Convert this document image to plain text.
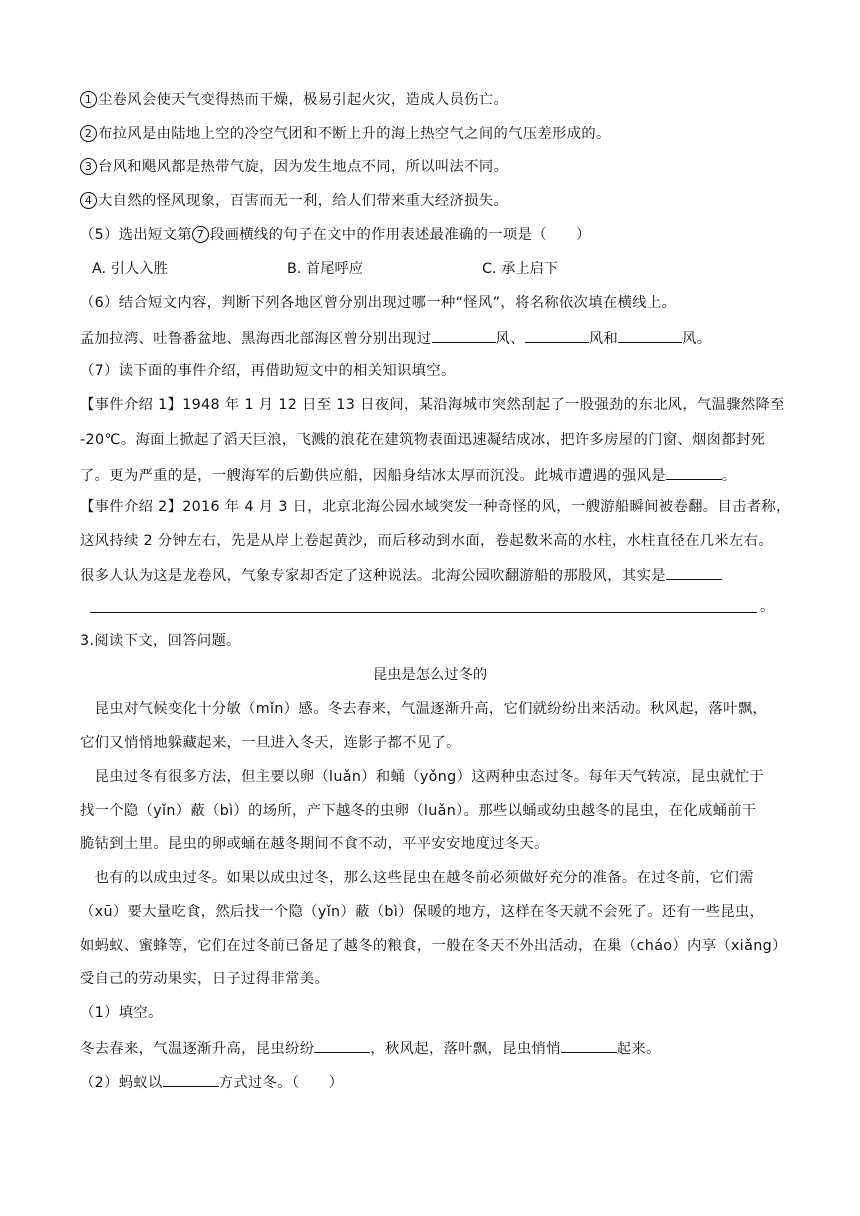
1 尘卷风会使天气变得热而干燥，极易引起火灾，造成人员伤亡。
2 布拉风是由陆地上空的冷空气团和不断上升的海上热空气之间的气压差形成的。
3 台风和飓风都是热带气旋，因为发生地点不同，所以叫法不同。
4 大自然的怪风现象，百害而无一利，给人们带来重大经济损失。
（5）选出短文第 7 段画横线的句子在文中的作用表述最准确的一项是（　　）
A. 引人入胜	B. 首尾呼应	C. 承上启下
（6）结合短文内容，判断下列各地区曾分别出现过哪一种“怪风”，将名称依次填在横线上。
孟加拉湾、吐鲁番盆地、黑海西北部海区曾分别出现过	风、	风和	风。
（7）读下面的事件介绍，再借助短文中的相关知识填空。
【事件介绍 1】1948 年 1 月 12 日至 13 日夜间，某沿海城市突然刮起了一股强劲的东北风，气温骤然降至
-20℃。海面上掀起了滔天巨浪，飞溅的浪花在建筑物表面迅速凝结成冰，把许多房屋的门窗、烟囱都封死
了。更为严重的是，一艘海军的后勤供应船，因船身结冰太厚而沉没。此城市遭遇的强风是	。
【事件介绍 2】2016 年 4 月 3 日，北京北海公园水域突发一种奇怪的风，一艘游船瞬间被卷翻。目击者称，
这风持续 2 分钟左右，先是从岸上卷起黄沙，而后移动到水面，卷起数米高的水柱，水柱直径在几米左右。
很多人认为这是龙卷风，气象专家却否定了这种说法。北海公园吹翻游船的那股风，其实是
。
3.阅读下文，回答问题。
昆虫是怎么过冬的
　昆虫对气候变化十分敏（mǐn）感。冬去春来，气温逐渐升高，它们就纷纷出来活动。秋风起，落叶飘，
它们又悄悄地躲藏起来，一旦进入冬天，连影子都不见了。
　昆虫过冬有很多方法，但主要以卵（luǎn）和蛹（yǒng）这两种虫态过冬。每年天气转凉，昆虫就忙于
找一个隐（yǐn）蔽（bì）的场所，产下越冬的虫卵（luǎn）。那些以蛹或幼虫越冬的昆虫，在化成蛹前干
脆钻到土里。昆虫的卵或蛹在越冬期间不食不动，平平安安地度过冬天。
　也有的以成虫过冬。如果以成虫过冬，那么这些昆虫在越冬前必须做好充分的准备。在过冬前，它们需
（xū）要大量吃食，然后找一个隐（yǐn）蔽（bì）保暖的地方，这样在冬天就不会死了。还有一些昆虫，
如蚂蚁、蜜蜂等，它们在过冬前已备足了越冬的粮食，一般在冬天不外出活动，在巢（cháo）内享（xiǎng）
受自己的劳动果实，日子过得非常美。
（1）填空。
冬去春来，气温逐渐升高，昆虫纷纷	，秋风起，落叶飘，昆虫悄悄	起来。
（2）蚂蚁以	方式过冬。（　　）
